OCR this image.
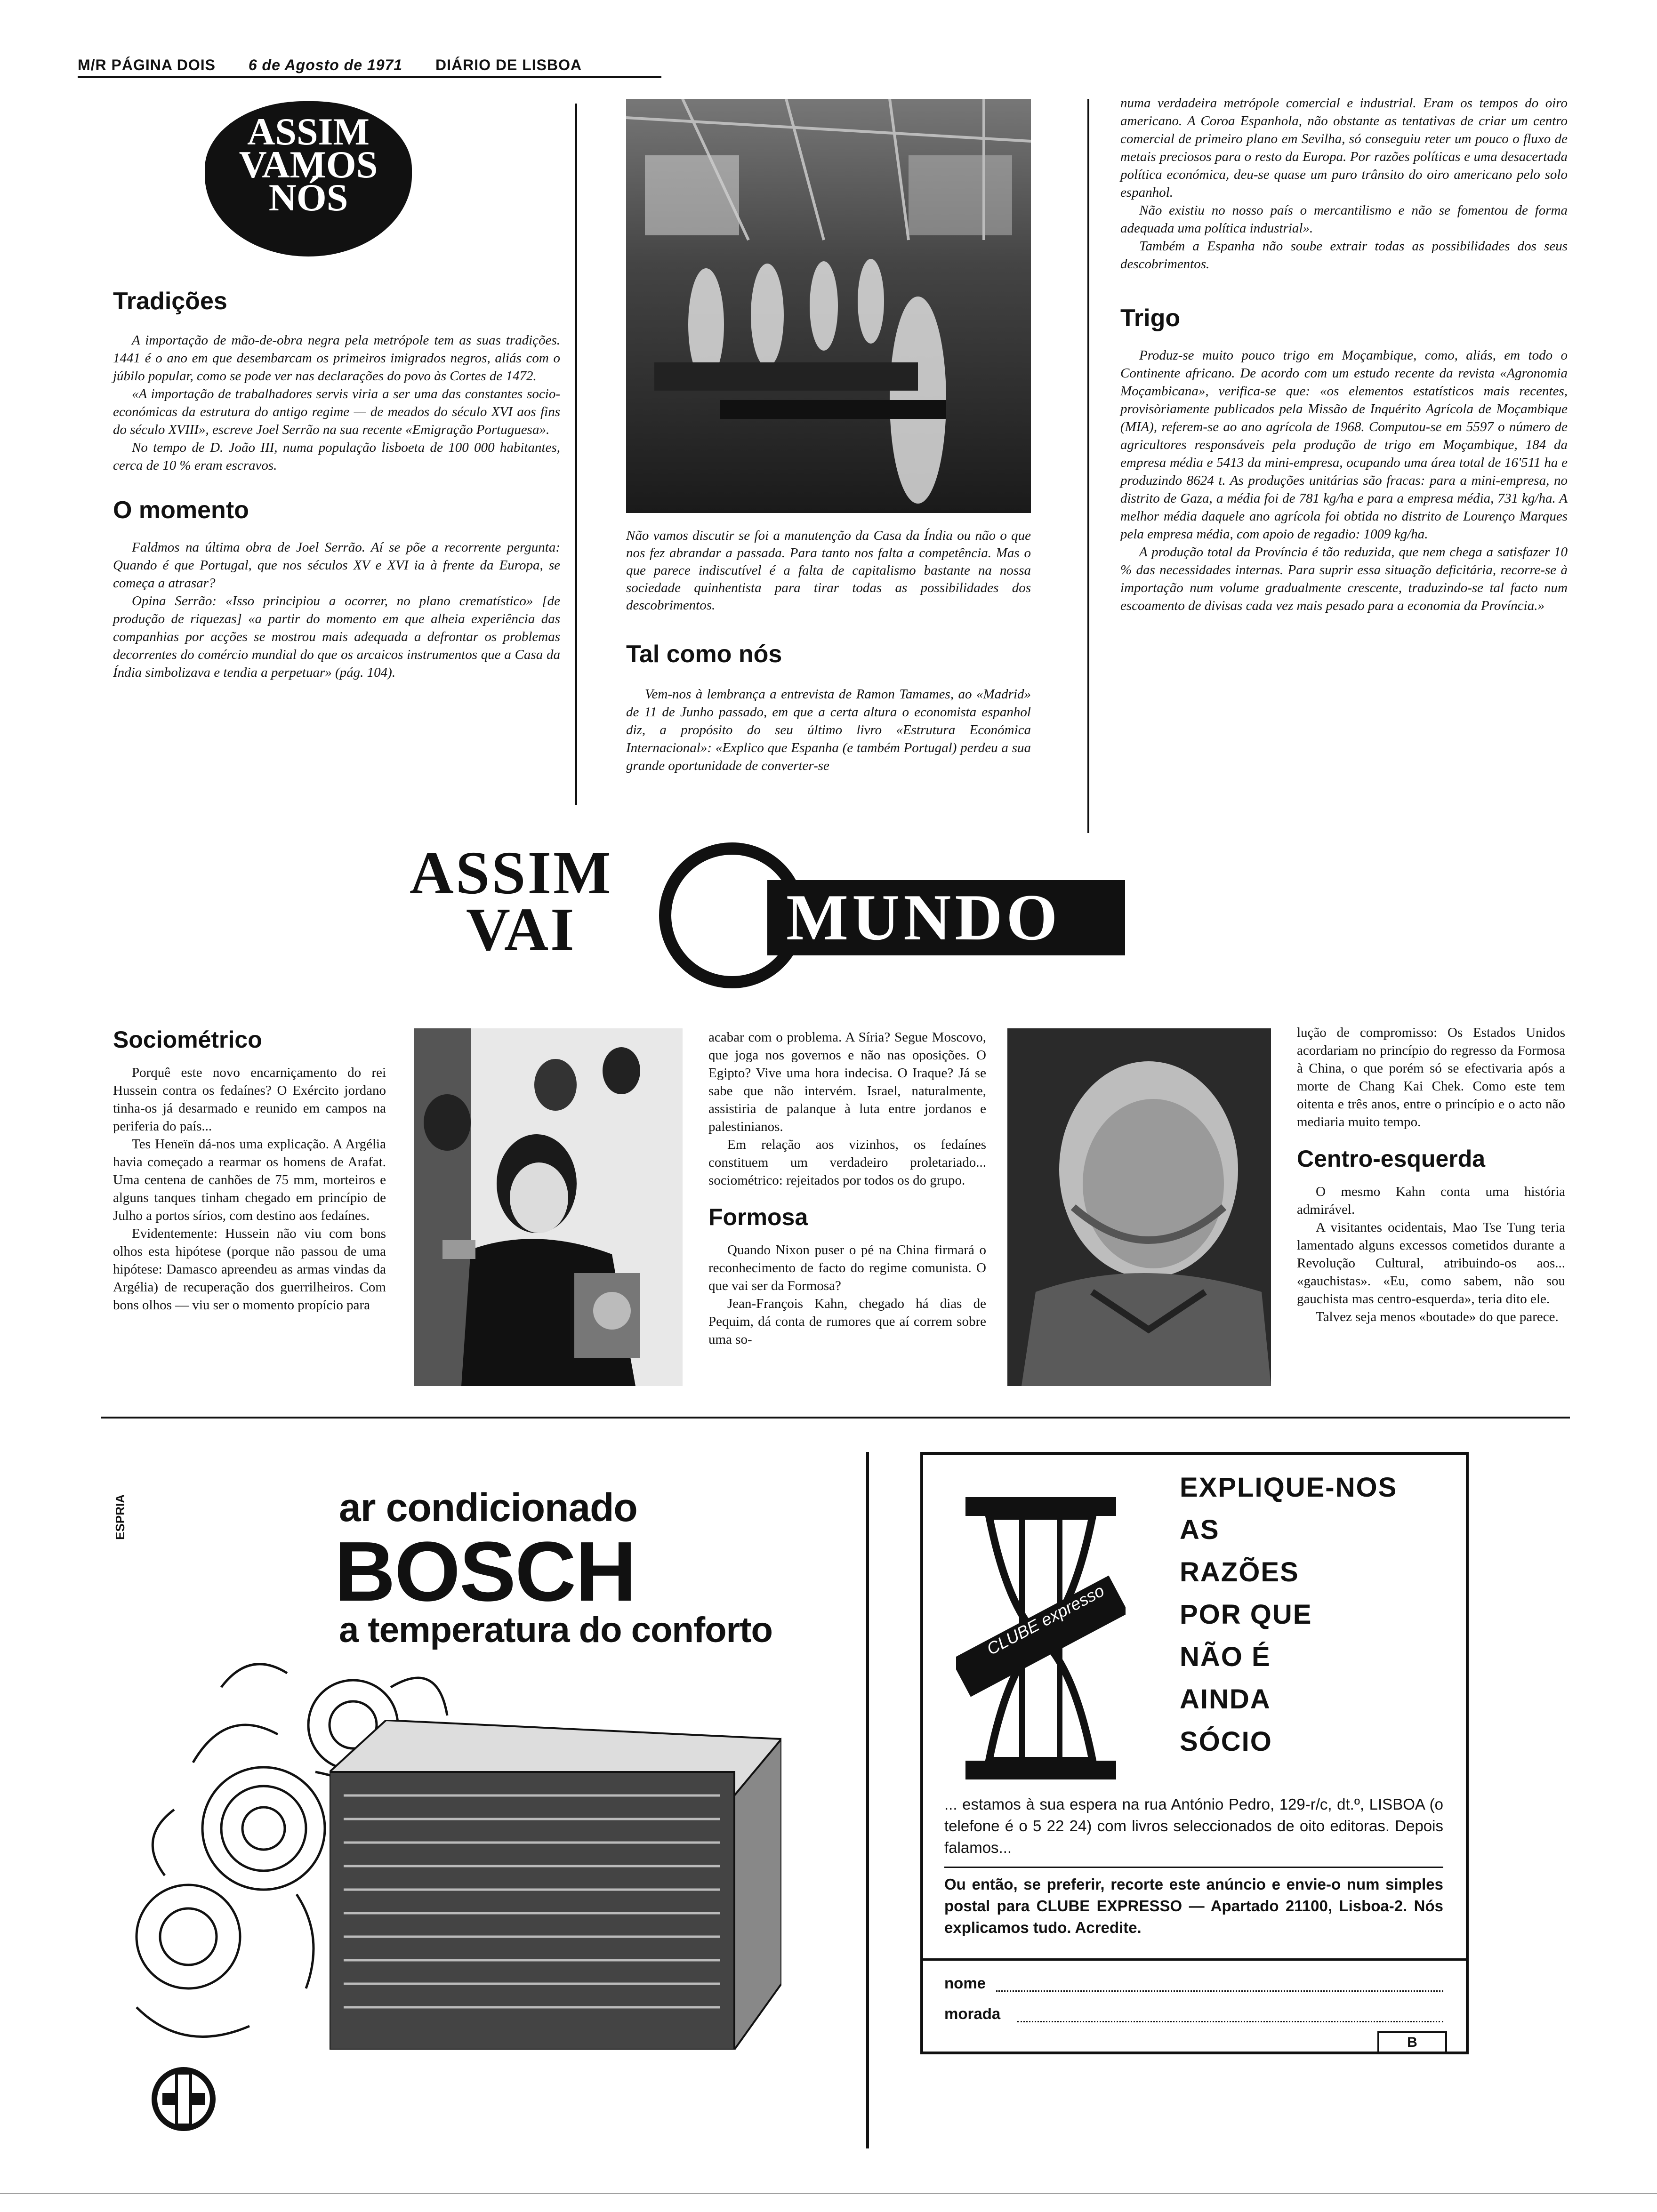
M/R PÁGINA DOIS 6 de Agosto de 1971 DIÁRIO DE LISBOA
ASSIM
VAMOS
NÓS
Tradições

A importação de mão-de-obra negra pela metrópole tem as suas tradições. 1441 é o ano em que desembarcam os primeiros imigrados negros, aliás com o júbilo popular, como se pode ver nas declarações do povo às Cortes de 1472.

«A importação de trabalhadores servis viria a ser uma das constantes socio-económicas da estrutura do antigo regime — de meados do século XVI aos fins do século XVIII», escreve Joel Serrão na sua recente «Emigração Portuguesa».

No tempo de D. João III, numa população lisboeta de 100 000 habitantes, cerca de 10 % eram escravos.

O momento

Faldmos na última obra de Joel Serrão. Aí se põe a recorrente pergunta: Quando é que Portugal, que nos séculos XV e XVI ia à frente da Europa, se começa a atrasar?

Opina Serrão: «Isso principiou a ocorrer, no plano crematístico» [de produção de riquezas] «a partir do momento em que alheia experiência das companhias por acções se mostrou mais adequada a defrontar os problemas decorrentes do comércio mundial do que os arcaicos instrumentos que a Casa da Índia simbolizava e tendia a perpetuar» (pág. 104).

Não vamos discutir se foi a manutenção da Casa da Índia ou não o que nos fez abrandar a passada. Para tanto nos falta a competência. Mas o que parece indiscutível é a falta de capitalismo bastante na nossa sociedade quinhentista para tirar todas as possibilidades dos descobrimentos.
Tal como nós

Vem-nos à lembrança a entrevista de Ramon Tamames, ao «Madrid» de 11 de Junho passado, em que a certa altura o economista espanhol diz, a propósito do seu último livro «Estrutura Económica Internacional»: «Explico que Espanha (e também Portugal) perdeu a sua grande oportunidade de converter-se

numa verdadeira metrópole comercial e industrial. Eram os tempos do oiro americano. A Coroa Espanhola, não obstante as tentativas de criar um centro comercial de primeiro plano em Sevilha, só conseguiu reter um pouco o fluxo de metais preciosos para o resto da Europa. Por razões políticas e uma desacertada política económica, deu-se quase um puro trânsito do oiro americano pelo solo espanhol.

Não existiu no nosso país o mercantilismo e não se fomentou de forma adequada uma política industrial».

Também a Espanha não soube extrair todas as possibilidades dos seus descobrimentos.

Trigo

Produz-se muito pouco trigo em Moçambique, como, aliás, em todo o Continente africano. De acordo com um estudo recente da revista «Agronomia Moçambicana», verifica-se que: «os elementos estatísticos mais recentes, provisòriamente publicados pela Missão de Inquérito Agrícola de Moçambique (MIA), referem-se ao ano agrícola de 1968. Computou-se em 5597 o número de agricultores responsáveis pela produção de trigo em Moçambique, 184 da empresa média e 5413 da mini-empresa, ocupando uma área total de 16'511 ha e produzindo 8624 t. As produções unitárias são fracas: para a mini-empresa, no distrito de Gaza, a média foi de 781 kg/ha e para a empresa média, 731 kg/ha. A melhor média daquele ano agrícola foi obtida no distrito de Lourenço Marques pela empresa média, com apoio de regadio: 1009 kg/ha.

A produção total da Província é tão reduzida, que nem chega a satisfazer 10 % das necessidades internas. Para suprir essa situação deficitária, recorre-se à importação num volume gradualmente crescente, traduzindo-se tal facto num escoamento de divisas cada vez mais pesado para a economia da Província.»

ASSIM
VAI	MUNDO
Sociométrico

Porquê este novo encarniçamento do rei Hussein contra os fedaínes? O Exército jordano tinha-os já desarmado e reunido em campos na periferia do país...

Tes Heneïn dá-nos uma explicação. A Argélia havia começado a rearmar os homens de Arafat. Uma centena de canhões de 75 mm, morteiros e alguns tanques tinham chegado em princípio de Julho a portos sírios, com destino aos fedaínes.

Evidentemente: Hussein não viu com bons olhos esta hipótese (porque não passou de uma hipótese: Damasco apreendeu as armas vindas da Argélia) de recuperação dos guerrilheiros. Com bons olhos — viu ser o momento propício para

acabar com o problema. A Síria? Segue Moscovo, que joga nos governos e não nas oposições. O Egipto? Vive uma hora indecisa. O Iraque? Já se sabe que não intervém. Israel, naturalmente, assistiria de palanque à luta entre jordanos e palestinianos.

Em relação aos vizinhos, os fedaínes constituem um verdadeiro proletariado... sociométrico: rejeitados por todos os do grupo.

Formosa

Quando Nixon puser o pé na China firmará o reconhecimento de facto do regime comunista. O que vai ser da Formosa?

Jean-François Kahn, chegado há dias de Pequim, dá conta de rumores que aí correm sobre uma so-

lução de compromisso: Os Estados Unidos acordariam no princípio do regresso da Formosa à China, o que porém só se efectivaria após a morte de Chang Kai Chek. Como este tem oitenta e três anos, entre o princípio e o acto não mediaria muito tempo.

Centro-esquerda

O mesmo Kahn conta uma história admirável.

A visitantes ocidentais, Mao Tse Tung teria lamentado alguns excessos cometidos durante a Revolução Cultural, atribuindo-os aos... «gauchistas». «Eu, como sabem, não sou gauchista mas centro-esquerda», teria dito ele.

Talvez seja menos «boutade» do que parece.

ESPRIA	ar condicionado
BOSCH
a temperatura do conforto	CLUBE expresso
EXPLIQUE-NOS
AS
RAZÕES
POR QUE
NÃO É
AINDA
SÓCIO
... estamos à sua espera na rua António Pedro, 129-r/c, dt.º, LISBOA (o telefone é o 5 22 24) com livros seleccionados de oito editoras. Depois falamos...
Ou então, se preferir, recorte este anúncio e envie-o num simples postal para CLUBE EXPRESSO — Apartado 21100, Lisboa-2. Nós explicamos tudo. Acredite.
nome
morada
B
